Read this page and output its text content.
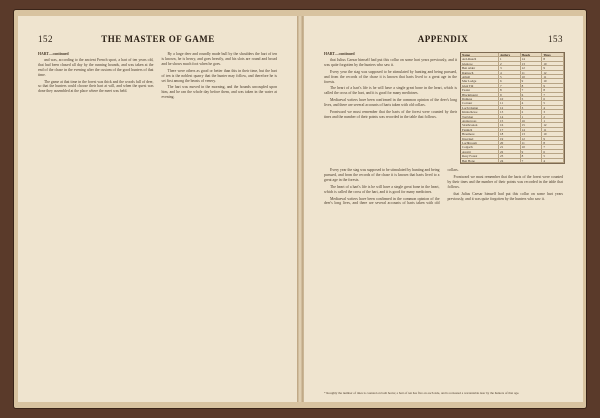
152	THE MASTER OF GAME
HART—continued

and was, according to the ancient French sport, a hart of ten years old, that had been chased all day by the running hounds, and was taken at the end of the chase in the evening after the custom of the good hunters of that time.

The game at that time in the forest was thick and the woods full of deer, so that the hunters could choose their hart at will, and when the quest was done they assembled at the place where the meet was held.

By a large deer and roundly made bull by the shoulders the hart of ten is known, he is heavy, and goes heavily, and his slots are round and broad and he shows much foot when he goes.

There were others as good or better than this in their time, but the hart of ten is the noblest quarry that the hunter may follow, and therefore he is set first among the beasts of venery.

The hart was moved in the morning, and the hounds uncoupled upon him, and he ran the whole day before them, and was taken in the water at evening.

APPENDIX	153
HART—continued

that Julius Caesar himself had put this collar on some hart years previously, and it was quite forgotten by the hunters who saw it.

Every year the stag was supposed to be stimulated by hunting and being pursued, and from the records of the chase it is known that harts lived to a great age in the forests.

The heart of a hart's life is he will have a single great bone in the heart, which is called the cross of the hart, and it is good for many medicines.

Mediaeval writers have been confirmed in the common opinion of the deer's long lives, and there are several accounts of harts taken with old collars.

Frontward we must remember that the harts of the forest were counted by their tines and the number of their points was recorded in the table that follows.

Name	Antlers	Heads	Tines
Ard-Ruach	1	14	8
Glencoe	2	13	10
Ben Alder	3	12	9
Rannoch	4	11	12
Atholl	5	10	11
Mar Lodge	6	9	10
Glen Tilt	7	8	9
Fealar	8	7	8
Blackmount	9	6	7
Dalness	10	5	6
Corrour	11	4	5
Loch Ossian	12	3	4
Kinlochewe	13	2	3
Torridon	14	1	2
Applecross	15	16	1
Strathconon	16	15	12
Fannich	17	14	11
Braemore	18	13	10
Inverlael	19	12	9
Lochbroom	20	11	8
Coigach	21	10	7
Assynt	22	9	6
Reay Forest	23	8	5
Ben Hope	24	7	4

Every year the stag was supposed to be stimulated by hunting and being pursued, and from the records of the chase it is known that harts lived to a great age in the forests.

The heart of a hart's life is he will have a single great bone in the heart, which is called the cross of the hart, and it is good for many medicines.

Mediaeval writers have been confirmed in the common opinion of the deer's long lives, and there are several accounts of harts taken with old collars.

Frontward we must remember that the harts of the forest were counted by their tines and the number of their points was recorded in the table that follows.

that Julius Caesar himself had put this collar on some hart years previously, and it was quite forgotten by the hunters who saw it.

* Roughly the number of tines is counted on both horns; a hart of ten has five on each side, and is reckoned a warrantable deer by the hunters of that age.
